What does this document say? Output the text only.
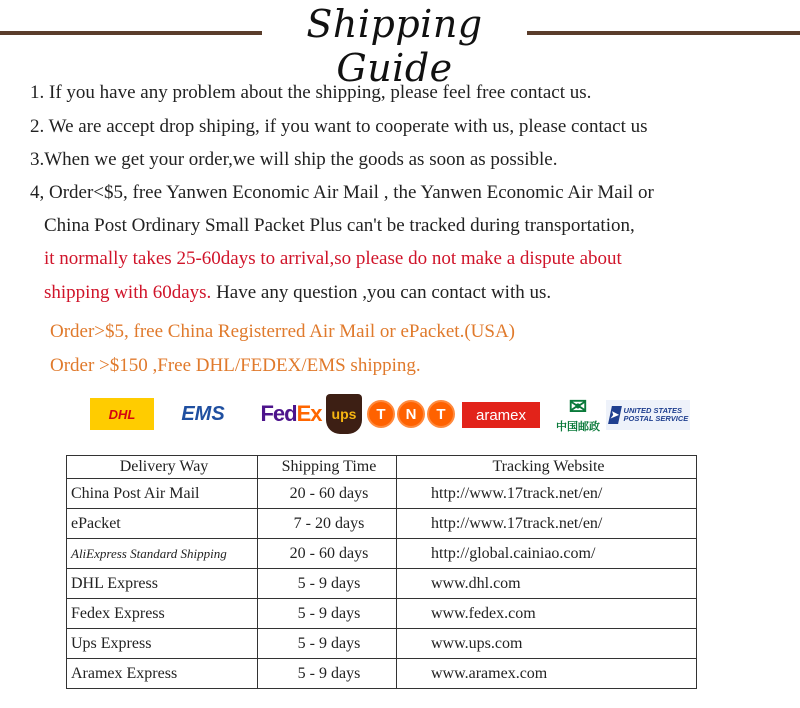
Shipping Guide
1. If you have any problem about the shipping, please feel free contact us.
2. We are accept drop shiping, if you want to cooperate with us, please contact us
3.When we get your order,we will ship the goods as soon as possible.
4, Order<$5, free Yanwen Economic Air Mail , the Yanwen Economic Air Mail or
China Post Ordinary Small Packet Plus can't be tracked during transportation,
it normally takes 25-60days to arrival,so please do not make a dispute about
shipping with 60days. Have any question ,you can contact with us.
Order>$5, free China Registerred Air Mail or ePacket.(USA)
Order >$150 ,Free DHL/FEDEX/EMS shipping.
DHL	EMS	Fed Ex ups	T	N	T	aramex	✉
中国邮政
➤ UNITED STATES POSTAL SERVICE
Delivery Way	Shipping Time	Tracking Website
China Post Air Mail	20 - 60 days	http://www.17track.net/en/
ePacket	7 - 20 days	http://www.17track.net/en/
AliExpress Standard Shipping	20 - 60 days	http://global.cainiao.com/
DHL Express	5 - 9 days	www.dhl.com
Fedex Express	5 - 9 days	www.fedex.com
Ups Express	5 - 9 days	www.ups.com
Aramex Express	5 - 9 days	www.aramex.com
